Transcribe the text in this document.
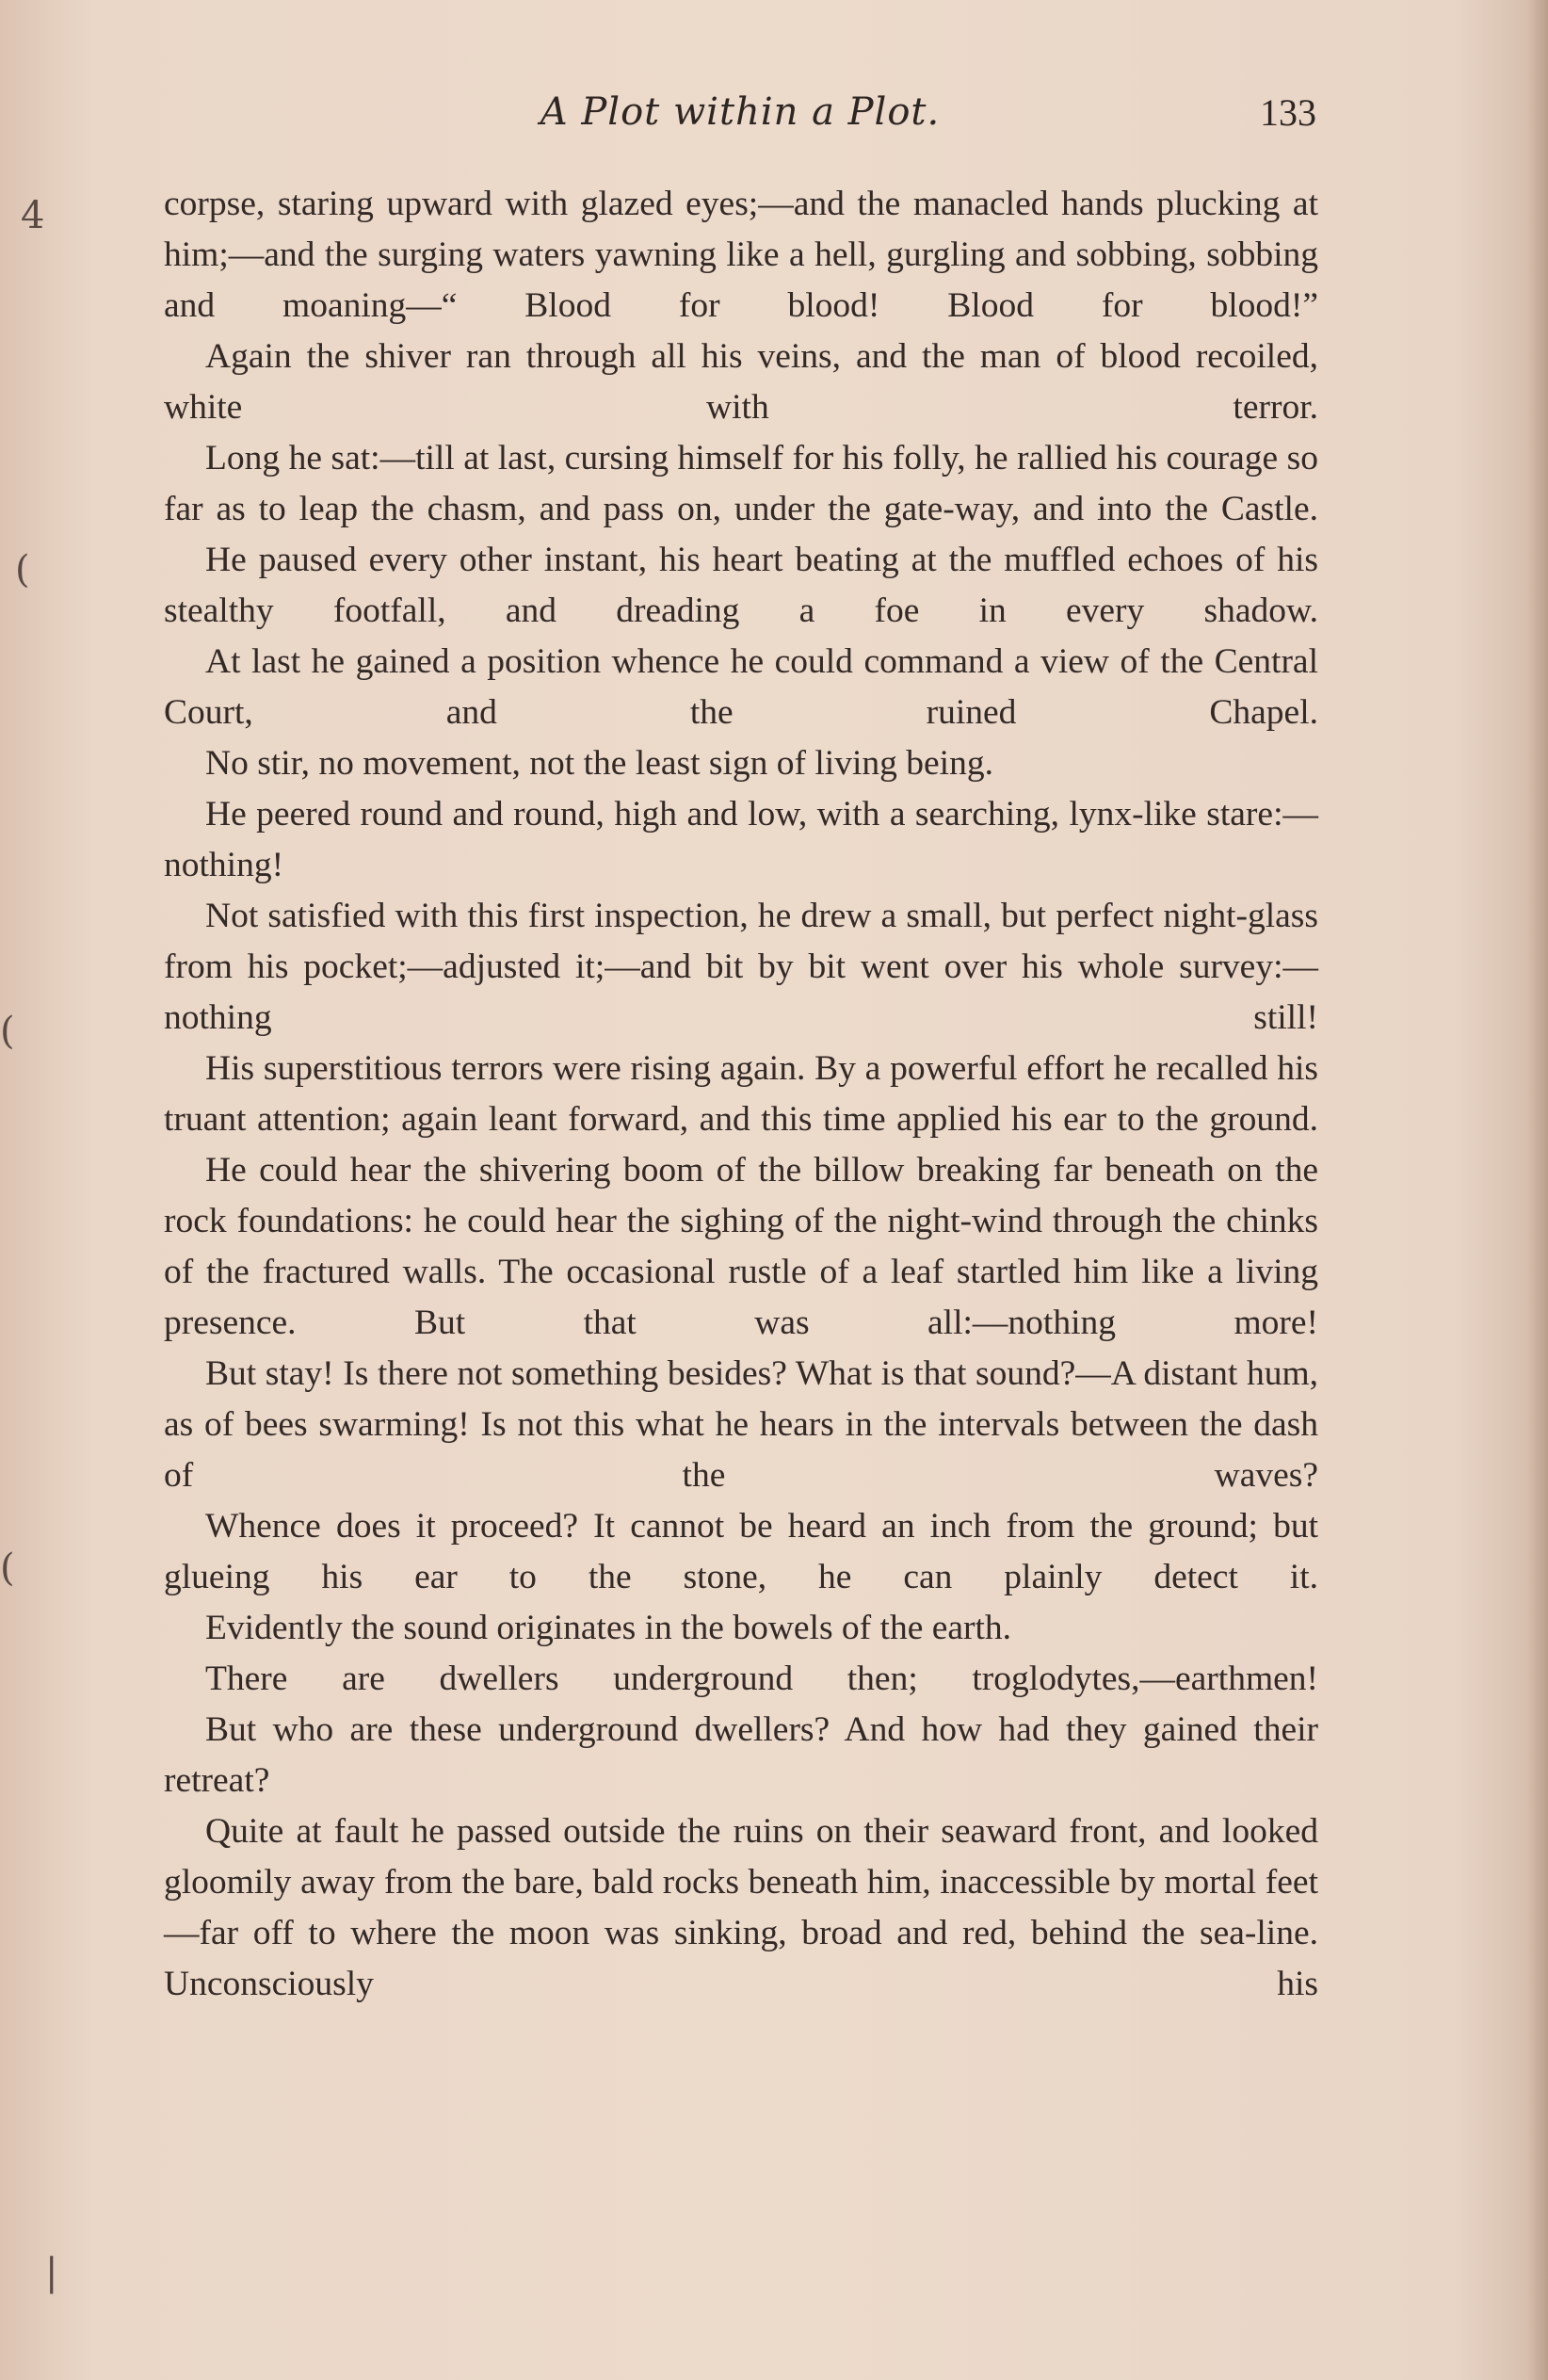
4
(
(
(
|
A Plot within a Plot.	133

corpse, staring upward with glazed eyes;—and the manacled hands plucking at him;—and the surging waters yawning like a hell, gurgling and sobbing, sobbing and moaning—“ Blood for blood! Blood for blood!”

Again the shiver ran through all his veins, and the man of blood recoiled, white with terror.

Long he sat:—till at last, cursing himself for his folly, he rallied his courage so far as to leap the chasm, and pass on, under the gate-way, and into the Castle.

He paused every other instant, his heart beating at the muffled echoes of his stealthy footfall, and dreading a foe in every shadow.

At last he gained a position whence he could command a view of the Central Court, and the ruined Chapel.

No stir, no movement, not the least sign of living being.

He peered round and round, high and low, with a searching, lynx-like stare:—nothing!

Not satisfied with this first inspection, he drew a small, but perfect night-glass from his pocket;—adjusted it;—and bit by bit went over his whole survey:—nothing still!

His superstitious terrors were rising again. By a powerful effort he recalled his truant attention; again leant forward, and this time applied his ear to the ground.

He could hear the shivering boom of the billow breaking far beneath on the rock foundations: he could hear the sighing of the night-wind through the chinks of the fractured walls. The occasional rustle of a leaf startled him like a living presence. But that was all:—nothing more!

But stay! Is there not something besides? What is that sound?—A distant hum, as of bees swarming! Is not this what he hears in the intervals between the dash of the waves?

Whence does it proceed? It cannot be heard an inch from the ground; but glueing his ear to the stone, he can plainly detect it.

Evidently the sound originates in the bowels of the earth.

There are dwellers underground then; troglodytes,—earthmen!

But who are these underground dwellers? And how had they gained their retreat?

Quite at fault he passed outside the ruins on their seaward front, and looked gloomily away from the bare, bald rocks beneath him, inaccessible by mortal feet—far off to where the moon was sinking, broad and red, behind the sea-line. Unconsciously his
